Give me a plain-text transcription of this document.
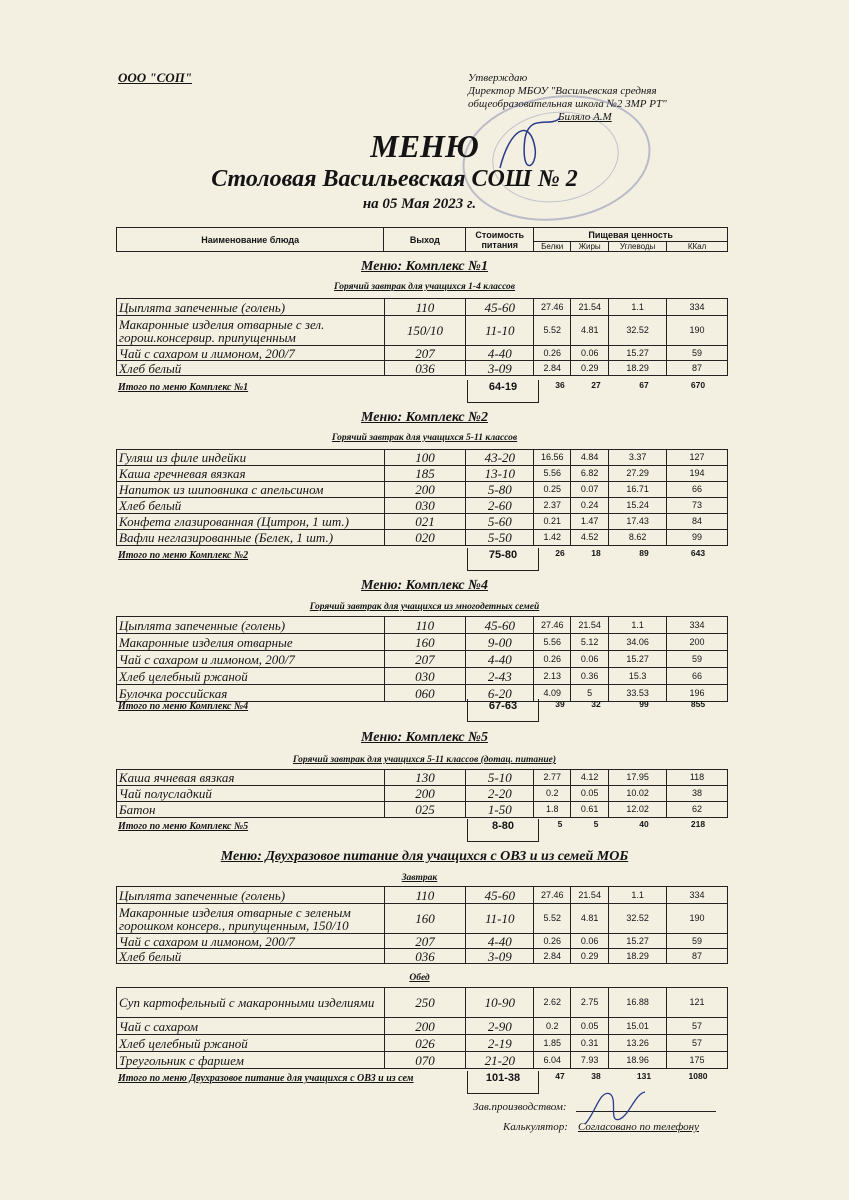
ООО "СОП"	Утверждаю
Директор МБОУ "Васильевская средняя
общеобразовательная школа №2 ЗМР РТ"
Биляло А.М
МЕНЮ
Столовая Васильевская СОШ № 2
на 05 Мая 2023 г.
Наименование блюда	Выход	Стоимость питания	Пищевая ценность			
			Белки	Жиры	Углеводы	ККал
Меню: Комплекс №1
Горячий завтрак для учащихся 1-4 классов
Цыплята запеченные (голень)	110	45-60	27.46	21.54	1.1	334
Макаронные изделия отварные с зел. горош.консервир. припущенным	150/10	11-10	5.52	4.81	32.52	190
Чай с сахаром и лимоном, 200/7	207	4-40	0.26	0.06	15.27	59
Хлеб белый	036	3-09	2.84	0.29	18.29	87
Итого по меню Комплекс №1	64-19	36	27	67	670
Меню: Комплекс №2
Горячий завтрак для учащихся 5-11 классов
Гуляш из филе индейки	100	43-20	16.56	4.84	3.37	127
Каша гречневая вязкая	185	13-10	5.56	6.82	27.29	194
Напиток из шиповника с апельсином	200	5-80	0.25	0.07	16.71	66
Хлеб белый	030	2-60	2.37	0.24	15.24	73
Конфета глазированная (Цитрон, 1 шт.)	021	5-60	0.21	1.47	17.43	84
Вафли неглазированные (Белек, 1 шт.)	020	5-50	1.42	4.52	8.62	99
Итого по меню Комплекс №2	75-80	26	18	89	643
Меню: Комплекс №4
Горячий завтрак для учащихся из многодетных семей
Цыплята запеченные (голень)	110	45-60	27.46	21.54	1.1	334
Макаронные изделия отварные	160	9-00	5.56	5.12	34.06	200
Чай с сахаром и лимоном, 200/7	207	4-40	0.26	0.06	15.27	59
Хлеб целебный ржаной	030	2-43	2.13	0.36	15.3	66
Булочка российская	060	6-20	4.09	5	33.53	196
Итого по меню Комплекс №4	67-63	39	32	99	855
Меню: Комплекс №5
Горячий завтрак для учащихся 5-11 классов (дотац. питание)
Каша ячневая вязкая	130	5-10	2.77	4.12	17.95	118
Чай полусладкий	200	2-20	0.2	0.05	10.02	38
Батон	025	1-50	1.8	0.61	12.02	62
Итого по меню Комплекс №5	8-80	5	5	40	218
Меню: Двухразовое питание для учащихся с ОВЗ и из семей МОБ
Завтрак
Цыплята запеченные (голень)	110	45-60	27.46	21.54	1.1	334
Макаронные изделия отварные с зеленым горошком консерв., припущенным, 150/10	160	11-10	5.52	4.81	32.52	190
Чай с сахаром и лимоном, 200/7	207	4-40	0.26	0.06	15.27	59
Хлеб белый	036	3-09	2.84	0.29	18.29	87
Обед
Суп картофельный с макаронными изделиями	250	10-90	2.62	2.75	16.88	121
Чай с сахаром	200	2-90	0.2	0.05	15.01	57
Хлеб целебный ржаной	026	2-19	1.85	0.31	13.26	57
Треугольник с фаршем	070	21-20	6.04	7.93	18.96	175
Итого по меню Двухразовое питание для учащихся с ОВЗ и из сем	101-38	47	38	131	1080
Зав.производством:
Калькулятор: Согласовано по телефону
